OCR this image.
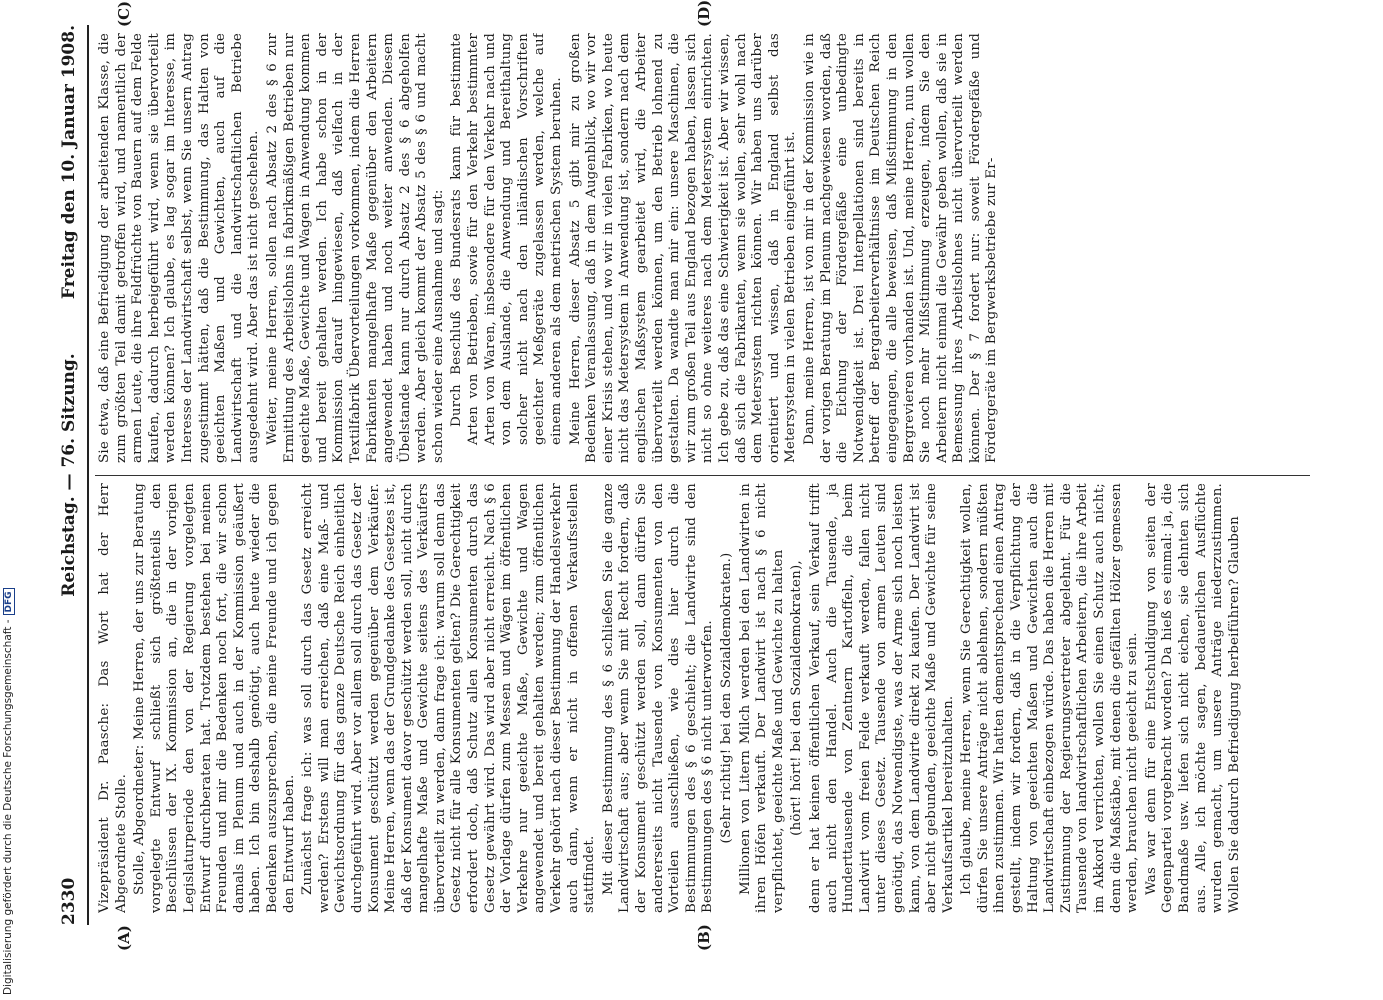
2330
Reichstag. — 76. Sitzung.
Freitag den 10. Januar 1908.
(A)	(B)
(C)	(D)

Vizepräsident Dr. Paasche: Das Wort hat der Herr Abgeordnete Stolle. Stolle, Abgeordneter: Meine Herren, der uns zur Beratung vorgelegte Entwurf schließt sich größtenteils den Beschlüssen der IX. Kommission an, die in der vorigen Legislaturperiode den von der Regierung vorgelegten Entwurf durchberaten hat. Trotzdem bestehen bei meinen Freunden und mir die Bedenken noch fort, die wir schon damals im Plenum und auch in der Kommission geäußert haben. Ich bin deshalb genötigt, auch heute wieder die Bedenken auszusprechen, die meine Freunde und ich gegen den Entwurf haben. Zunächst frage ich: was soll durch das Gesetz erreicht werden? Erstens will man erreichen, daß eine Maß- und Gewichtsordnung für das ganze Deutsche Reich einheitlich durchgeführt wird. Aber vor allem soll durch das Gesetz der Konsument geschützt werden gegenüber dem Verkäufer. Meine Herren, wenn das der Grundgedanke des Gesetzes ist, daß der Konsument davor geschützt werden soll, nicht durch mangelhafte Maße und Gewichte seitens des Verkäufers übervorteilt zu werden, dann frage ich: warum soll denn das Gesetz nicht für alle Konsumenten gelten? Die Gerechtigkeit erfordert doch, daß Schutz allen Konsumenten durch das Gesetz gewährt wird. Das wird aber nicht erreicht. Nach § 6 der Vorlage dürfen zum Messen und Wägen im öffentlichen Verkehre nur geeichte Maße, Gewichte und Wagen angewendet und bereit gehalten werden; zum öffentlichen Verkehr gehört nach dieser Bestimmung der Handelsverkehr auch dann, wenn er nicht in offenen Verkaufsstellen stattfindet. Mit dieser Bestimmung des § 6 schließen Sie die ganze Landwirtschaft aus; aber wenn Sie mit Recht fordern, daß der Konsument geschützt werden soll, dann dürfen Sie andererseits nicht Tausende von Konsumenten von den Vorteilen ausschließen, wie dies hier durch die Bestimmungen des § 6 geschieht; die Landwirte sind den Bestimmungen des § 6 nicht unterworfen. (Sehr richtig! bei den Sozialdemokraten.) Millionen von Litern Milch werden bei den Landwirten in ihren Höfen verkauft. Der Landwirt ist nach § 6 nicht verpflichtet, geeichte Maße und Gewichte zu halten (hört! hört! bei den Sozialdemokraten), denn er hat keinen öffentlichen Verkauf, sein Verkauf trifft auch nicht den Handel. Auch die Tausende, ja Hunderttausende von Zentnern Kartoffeln, die beim Landwirt vom freien Felde verkauft werden, fallen nicht unter dieses Gesetz. Tausende von armen Leuten sind genötigt, das Notwendigste, was der Arme sich noch leisten kann, von dem Landwirte direkt zu kaufen. Der Landwirt ist aber nicht gebunden, geeichte Maße und Gewichte für seine Verkaufsartikel bereitzuhalten. Ich glaube, meine Herren, wenn Sie Gerechtigkeit wollen, dürfen Sie unsere Anträge nicht ablehnen, sondern müßten ihnen zustimmen. Wir hatten dementsprechend einen Antrag gestellt, indem wir fordern, daß in die Verpflichtung der Haltung von geeichten Maßen und Gewichten auch die Landwirtschaft einbezogen würde. Das haben die Herren mit Zustimmung der Regierungsvertreter abgelehnt. Für die Tausende von landwirtschaftlichen Arbeitern, die ihre Arbeit im Akkord verrichten, wollen Sie einen Schutz auch nicht; denn die Maßstäbe, mit denen die gefällten Hölzer gemessen werden, brauchen nicht geeicht zu sein. Was war denn für eine Entschuldigung von seiten der Gegenpartei vorgebracht worden? Da hieß es einmal: ja, die Bandmaße usw. liefen sich nicht eichen, sie dehnten sich aus. Alle, ich möchte sagen, bedauerlichen Ausflüchte wurden gemacht, um unsere Anträge niederzustimmen. Wollen Sie dadurch Befriedigung herbeiführen? Glauben

Sie etwa, daß eine Befriedigung der arbeitenden Klasse, die zum größten Teil damit getroffen wird, und namentlich der armen Leute, die ihre Feldfrüchte von Bauern auf dem Felde kaufen, dadurch herbeigeführt wird, wenn sie übervorteilt werden können? Ich glaube, es lag sogar im Interesse, im Interesse der Landwirtschaft selbst, wenn Sie unsern Antrag zugestimmt hätten, daß die Bestimmung, das Halten von geeichten Maßen und Gewichten, auch auf die Landwirtschaft und die landwirtschaftlichen Betriebe ausgedehnt wird. Aber das ist nicht geschehen. Weiter, meine Herren, sollen nach Absatz 2 des § 6 zur Ermittlung des Arbeitslohns in fabrikmäßigen Betrieben nur geeichte Maße, Gewichte und Wagen in Anwendung kommen und bereit gehalten werden. Ich habe schon in der Kommission darauf hingewiesen, daß vielfach in der Textilfabrik Übervorteilungen vorkommen, indem die Herren Fabrikanten mangelhafte Maße gegenüber den Arbeitern angewendet haben und noch weiter anwenden. Diesem Übelstande kann nur durch Absatz 2 des § 6 abgeholfen werden. Aber gleich kommt der Absatz 5 des § 6 und macht schon wieder eine Ausnahme und sagt: Durch Beschluß des Bundesrats kann für bestimmte Arten von Betrieben, sowie für den Verkehr bestimmter Arten von Waren, insbesondere für den Verkehr nach und von dem Auslande, die Anwendung und Bereithaltung solcher nicht nach den inländischen Vorschriften geeichter Meßgeräte zugelassen werden, welche auf einem anderen als dem metrischen System beruhen. Meine Herren, dieser Absatz 5 gibt mir zu großen Bedenken Veranlassung, daß in dem Augenblick, wo wir vor einer Krisis stehen, und wo wir in vielen Fabriken, wo heute nicht das Metersystem in Anwendung ist, sondern nach dem englischen Maßsystem gearbeitet wird, die Arbeiter übervorteilt werden können, um den Betrieb lohnend zu gestalten. Da wandte man mir ein: unsere Maschinen, die wir zum großen Teil aus England bezogen haben, lassen sich nicht so ohne weiteres nach dem Metersystem einrichten. Ich gebe zu, daß das eine Schwierigkeit ist. Aber wir wissen, daß sich die Fabrikanten, wenn sie wollen, sehr wohl nach dem Metersystem richten können. Wir haben uns darüber orientiert und wissen, daß in England selbst das Metersystem in vielen Betrieben eingeführt ist. Dann, meine Herren, ist von mir in der Kommission wie in der vorigen Beratung im Plenum nachgewiesen worden, daß die Eichung der Fördergefäße eine unbedingte Notwendigkeit ist. Drei Interpellationen sind bereits in betreff der Bergarbeiterverhältnisse im Deutschen Reich eingegangen, die alle beweisen, daß Mißstimmung in den Bergrevieren vorhanden ist. Und, meine Herren, nun wollen Sie noch mehr Mißstimmung erzeugen, indem Sie den Arbeitern nicht einmal die Gewähr geben wollen, daß sie in Bemessung ihres Arbeitslohnes nicht übervorteilt werden können. Der § 7 fordert nur: soweit Fördergefäße und Fördergeräte im Bergwerksbetriebe zur Er-

Digitalisierung gefördert durch die Deutsche Forschungsgemeinschaft -DFG
